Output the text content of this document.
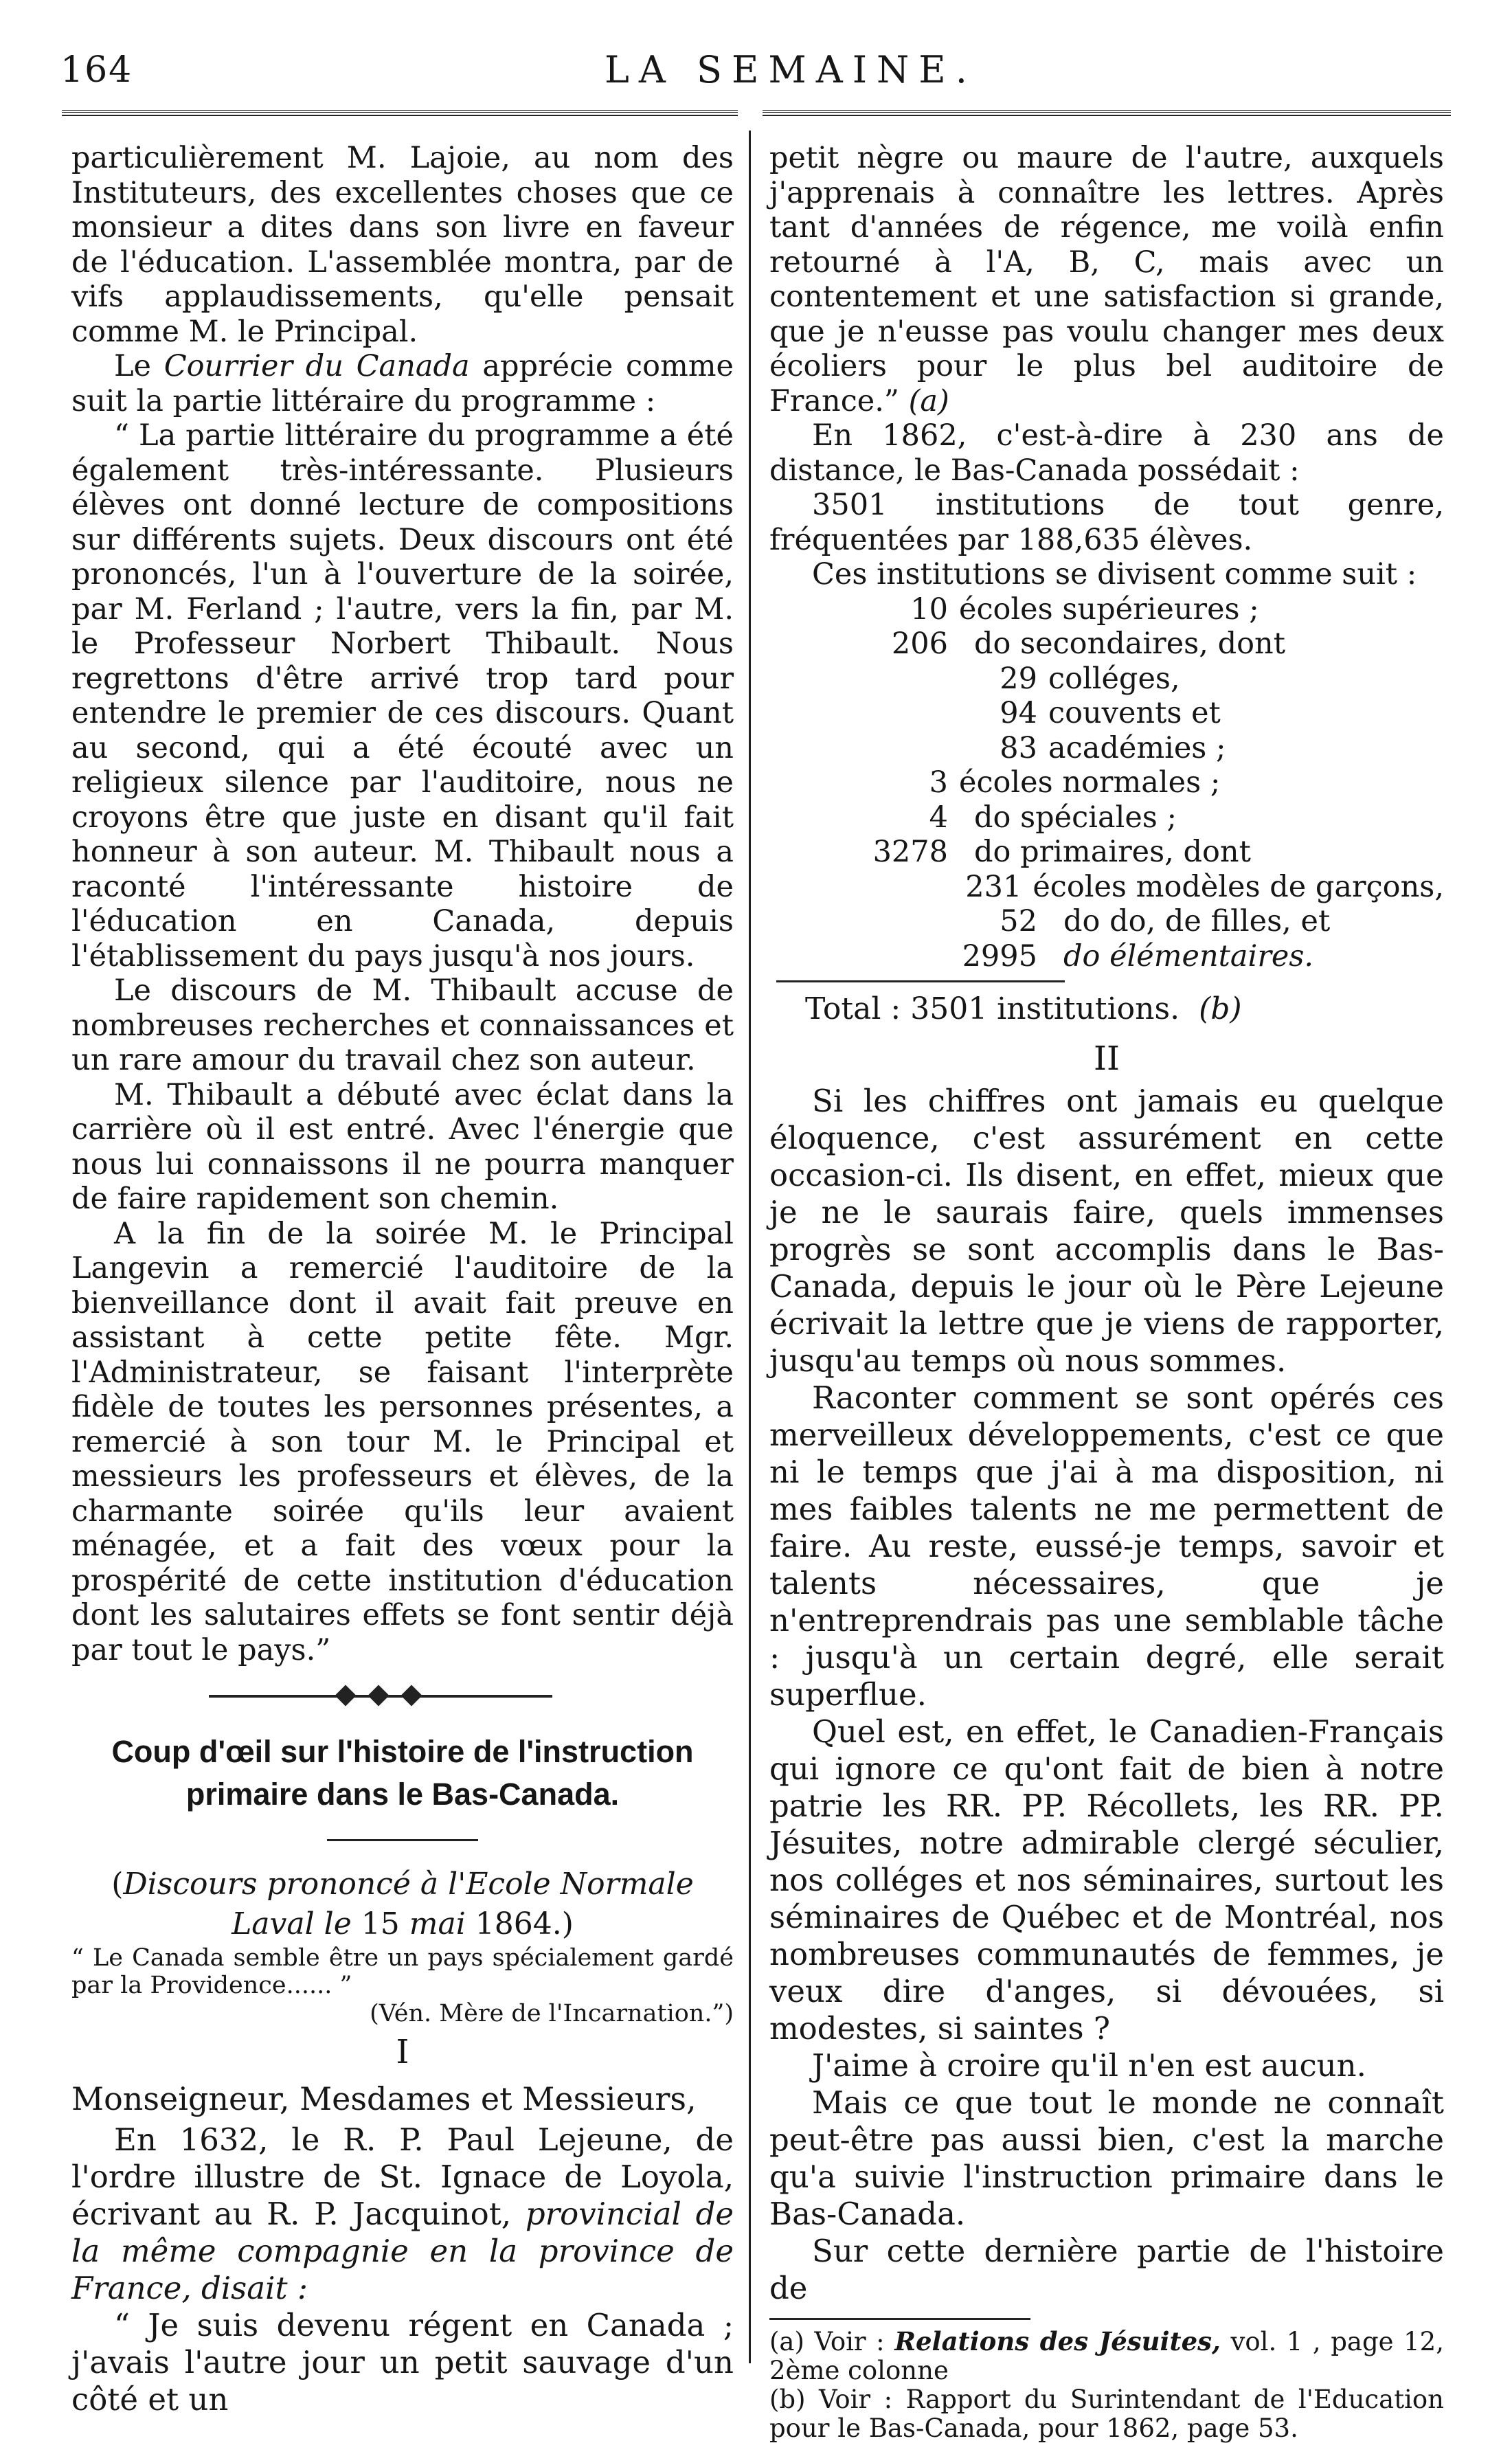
164	LA SEMAINE.

particulièrement M. Lajoie, au nom des Instituteurs, des excellentes choses que ce monsieur a dites dans son livre en faveur de l'éducation. L'assemblée montra, par de vifs applaudissements, qu'elle pensait comme M. le Principal.

Le Courrier du Canada apprécie comme suit la partie littéraire du programme :

“ La partie littéraire du programme a été également très-intéressante. Plusieurs élèves ont donné lecture de compositions sur différents sujets. Deux discours ont été prononcés, l'un à l'ouverture de la soirée, par M. Ferland ; l'autre, vers la fin, par M. le Professeur Norbert Thibault. Nous regrettons d'être arrivé trop tard pour entendre le premier de ces discours. Quant au second, qui a été écouté avec un religieux silence par l'auditoire, nous ne croyons être que juste en disant qu'il fait honneur à son auteur. M. Thibault nous a raconté l'intéressante histoire de l'éducation en Canada, depuis l'établissement du pays jusqu'à nos jours.

Le discours de M. Thibault accuse de nombreuses recherches et connaissances et un rare amour du travail chez son auteur.

M. Thibault a débuté avec éclat dans la carrière où il est entré. Avec l'énergie que nous lui connaissons il ne pourra manquer de faire rapidement son chemin.

A la fin de la soirée M. le Principal Langevin a remercié l'auditoire de la bienveillance dont il avait fait preuve en assistant à cette petite fête. Mgr. l'Administrateur, se faisant l'interprète fidèle de toutes les personnes présentes, a remercié à son tour M. le Principal et messieurs les professeurs et élèves, de la charmante soirée qu'ils leur avaient ménagée, et a fait des vœux pour la prospérité de cette institution d'éducation dont les salutaires effets se font sentir déjà par tout le pays.”

Coup d'œil sur l'histoire de l'instruction

primaire dans le Bas-Canada.

(Discours prononcé à l'Ecole Normale Laval le 15 mai 1864.)

“ Le Canada semble être un pays spécialement gardé par la Providence...... ”

(Vén. Mère de l'Incarnation.”)

I

Monseigneur, Mesdames et Messieurs,

En 1632, le R. P. Paul Lejeune, de l'ordre illustre de St. Ignace de Loyola, écrivant au R. P. Jacquinot, provincial de la même compagnie en la province de France, disait :

“ Je suis devenu régent en Canada ; j'avais l'autre jour un petit sauvage d'un côté et un

petit nègre ou maure de l'autre, auxquels j'apprenais à connaître les lettres. Après tant d'années de régence, me voilà enfin retourné à l'A, B, C, mais avec un contentement et une satisfaction si grande, que je n'eusse pas voulu changer mes deux écoliers pour le plus bel auditoire de France.” (a)

En 1862, c'est-à-dire à 230 ans de distance, le Bas-Canada possédait :

3501 institutions de tout genre, fréquentées par 188,635 élèves.

Ces institutions se divisent comme suit :

10 écoles supérieures ;
206 do secondaires, dont
29 colléges,
94 couvents et
83 académies ;
3 écoles normales ;
4 do spéciales ;
3278 do primaires, dont
231 écoles modèles de garçons,
52 do do, de filles, et
2995 do élémentaires.

Total : 3501 institutions. (b)

II

Si les chiffres ont jamais eu quelque éloquence, c'est assurément en cette occasion-ci. Ils disent, en effet, mieux que je ne le saurais faire, quels immenses progrès se sont accomplis dans le Bas-Canada, depuis le jour où le Père Lejeune écrivait la lettre que je viens de rapporter, jusqu'au temps où nous sommes.

Raconter comment se sont opérés ces merveilleux développements, c'est ce que ni le temps que j'ai à ma disposition, ni mes faibles talents ne me permettent de faire. Au reste, eussé-je temps, savoir et talents nécessaires, que je n'entreprendrais pas une semblable tâche : jusqu'à un certain degré, elle serait superflue.

Quel est, en effet, le Canadien-Français qui ignore ce qu'ont fait de bien à notre patrie les RR. PP. Récollets, les RR. PP. Jésuites, notre admirable clergé séculier, nos colléges et nos séminaires, surtout les séminaires de Québec et de Montréal, nos nombreuses communautés de femmes, je veux dire d'anges, si dévouées, si modestes, si saintes ?

J'aime à croire qu'il n'en est aucun.

Mais ce que tout le monde ne connaît peut-être pas aussi bien, c'est la marche qu'a suivie l'instruction primaire dans le Bas-Canada.

Sur cette dernière partie de l'histoire de

(a) Voir : Relations des Jésuites, vol. 1 , page 12, 2ème colonne

(b) Voir : Rapport du Surintendant de l'Education pour le Bas-Canada, pour 1862, page 53.
